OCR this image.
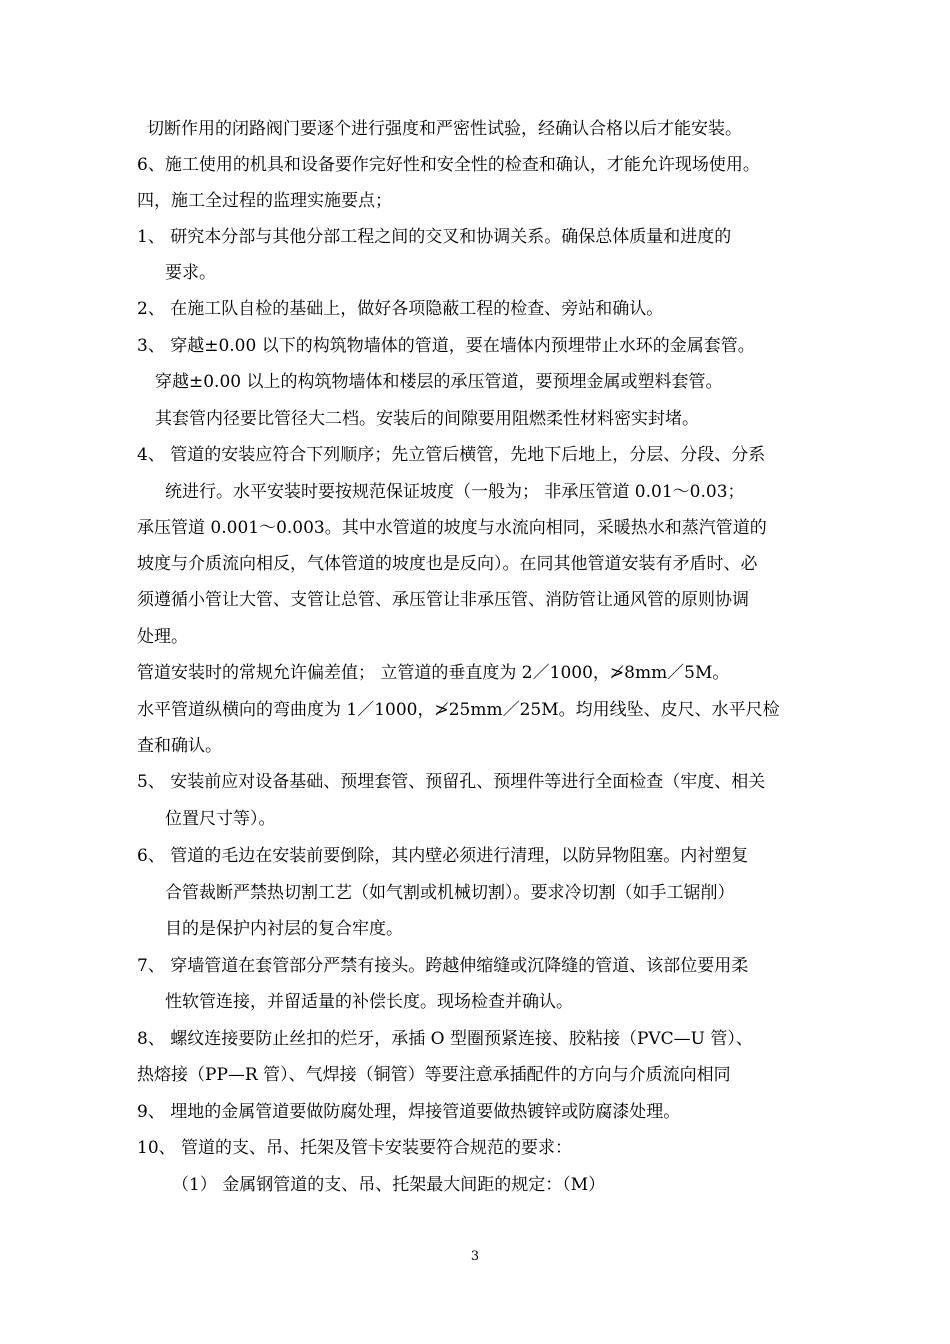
切断作用的闭路阀门要逐个进行强度和严密性试验，经确认合格以后才能安装。
6、施工使用的机具和设备要作完好性和安全性的检查和确认，才能允许现场使用。
四，施工全过程的监理实施要点；
1、 研究本分部与其他分部工程之间的交叉和协调关系。确保总体质量和进度的
要求。
2、 在施工队自检的基础上，做好各项隐蔽工程的检查、旁站和确认。
3、 穿越±0.00 以下的构筑物墙体的管道，要在墙体内预埋带止水环的金属套管。
穿越±0.00 以上的构筑物墙体和楼层的承压管道，要预埋金属或塑料套管。
其套管内径要比管径大二档。安装后的间隙要用阻燃柔性材料密实封堵。
4、 管道的安装应符合下列顺序；先立管后横管，先地下后地上，分层、分段、分系
统进行。水平安装时要按规范保证坡度（一般为； 非承压管道 0.01～0.03；
承压管道 0.001～0.003。其中水管道的坡度与水流向相同，采暖热水和蒸汽管道的
坡度与介质流向相反，气体管道的坡度也是反向）。在同其他管道安装有矛盾时、必
须遵循小管让大管、支管让总管、承压管让非承压管、消防管让通风管的原则协调
处理。
管道安装时的常规允许偏差值； 立管道的垂直度为 2／1000，≯8mm／5M。
水平管道纵横向的弯曲度为 1／1000，≯25mm／25M。均用线坠、皮尺、水平尺检
查和确认。
5、 安装前应对设备基础、预埋套管、预留孔、预埋件等进行全面检查（牢度、相关
位置尺寸等）。
6、 管道的毛边在安装前要倒除，其内壁必须进行清理，以防异物阻塞。内衬塑复
合管裁断严禁热切割工艺（如气割或机械切割）。要求冷切割（如手工锯削）
目的是保护内衬层的复合牢度。
7、 穿墙管道在套管部分严禁有接头。跨越伸缩缝或沉降缝的管道、该部位要用柔
性软管连接，并留适量的补偿长度。现场检查并确认。
8、 螺纹连接要防止丝扣的烂牙，承插 O 型圈预紧连接、胶粘接（PVC—U 管）、
热熔接（PP—R 管）、气焊接（铜管）等要注意承插配件的方向与介质流向相同
9、 埋地的金属管道要做防腐处理，焊接管道要做热镀锌或防腐漆处理。
10、 管道的支、吊、托架及管卡安装要符合规范的要求：
（1） 金属钢管道的支、吊、托架最大间距的规定：（M）
3
